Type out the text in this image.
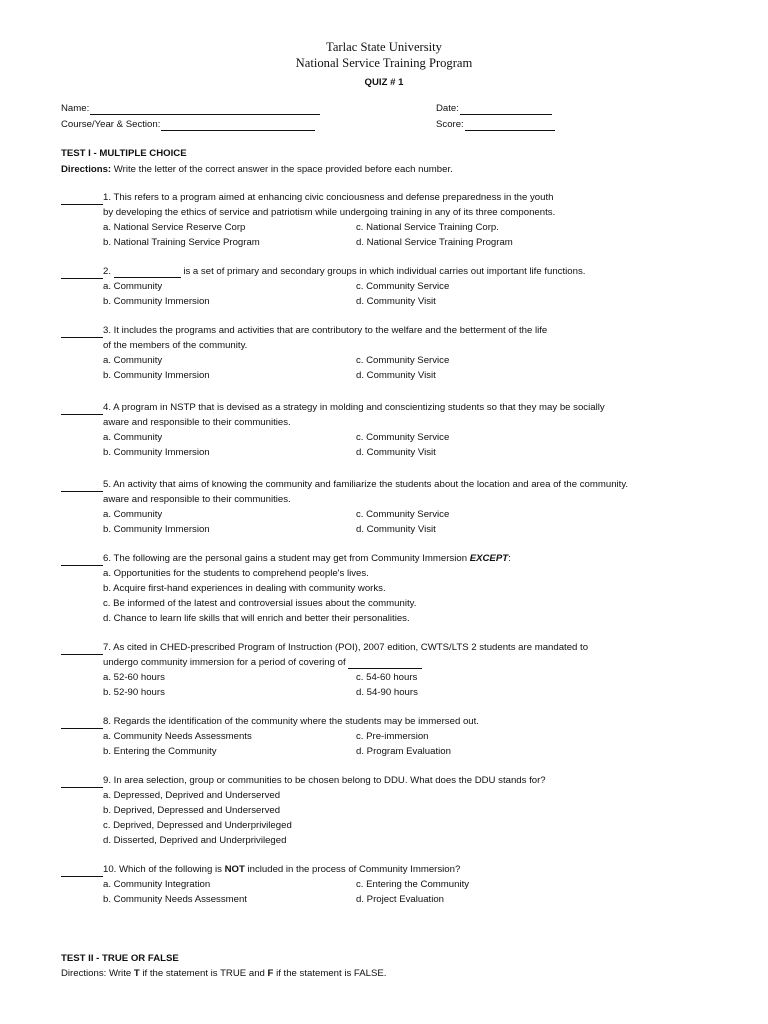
Tarlac State University
National Service Training Program
QUIZ # 1
Name:
Course/Year & Section:
Date:
Score:
TEST I - MULTIPLE CHOICE
Directions: Write the letter of the correct answer in the space provided before each number.
1. This refers to a program aimed at enhancing civic conciousness and defense preparedness in the youth
by developing the ethics of service and patriotism while undergoing training in any of its three components.
a. National Service Reserve Corp	c. National Service Training Corp.
b. National Training Service Program	d. National Service Training Program
2.	is a set of primary and secondary groups in which individual carries out important life functions.
a. Community	c. Community Service
b. Community Immersion	d. Community Visit
3. It includes the programs and activities that are contributory to the welfare and the betterment of the life
of the members of the community.
a. Community	c. Community Service
b. Community Immersion	d. Community Visit
4. A program in NSTP that is devised as a strategy in molding and conscientizing students so that they may be socially
aware and responsible to their communities.
a. Community	c. Community Service
b. Community Immersion	d. Community Visit
5. An activity that aims of knowing the community and familiarize the students about the location and area of the community.
aware and responsible to their communities.
a. Community	c. Community Service
b. Community Immersion	d. Community Visit
6. The following are the personal gains a student may get from Community Immersion EXCEPT:
a. Opportunities for the students to comprehend people's lives.
b. Acquire first-hand experiences in dealing with community works.
c. Be informed of the latest and controversial issues about the community.
d. Chance to learn life skills that will enrich and better their personalities.
7. As cited in CHED-prescribed Program of Instruction (POI), 2007 edition, CWTS/LTS 2 students are mandated to
undergo community immersion for a period of covering of
a. 52-60 hours	c. 54-60 hours
b. 52-90 hours	d. 54-90 hours
8. Regards the identification of the community where the students may be immersed out.
a. Community Needs Assessments	c. Pre-immersion
b. Entering the Community	d. Program Evaluation
9. In area selection, group or communities to be chosen belong to DDU. What does the DDU stands for?
a. Depressed, Deprived and Underserved
b. Deprived, Depressed and Underserved
c. Deprived, Depressed and Underprivileged
d. Disserted, Deprived and Underprivileged
10. Which of the following is NOT included in the process of Community Immersion?
a. Community Integration	c. Entering the Community
b. Community Needs Assessment	d. Project Evaluation
TEST II - TRUE OR FALSE
Directions: Write T if the statement is TRUE and F if the statement is FALSE.
